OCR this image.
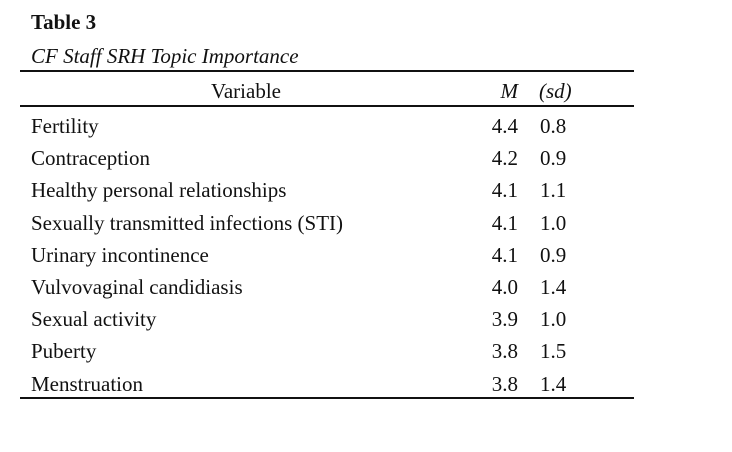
Table 3
CF Staff SRH Topic Importance
Variable	M (sd)
Fertility	4.4 0.8
Contraception	4.2 0.9
Healthy personal relationships	4.1 1.1
Sexually transmitted infections (STI)	4.1 1.0
Urinary incontinence	4.1 0.9
Vulvovaginal candidiasis	4.0 1.4
Sexual activity	3.9 1.0
Puberty	3.8 1.5
Menstruation	3.8 1.4
